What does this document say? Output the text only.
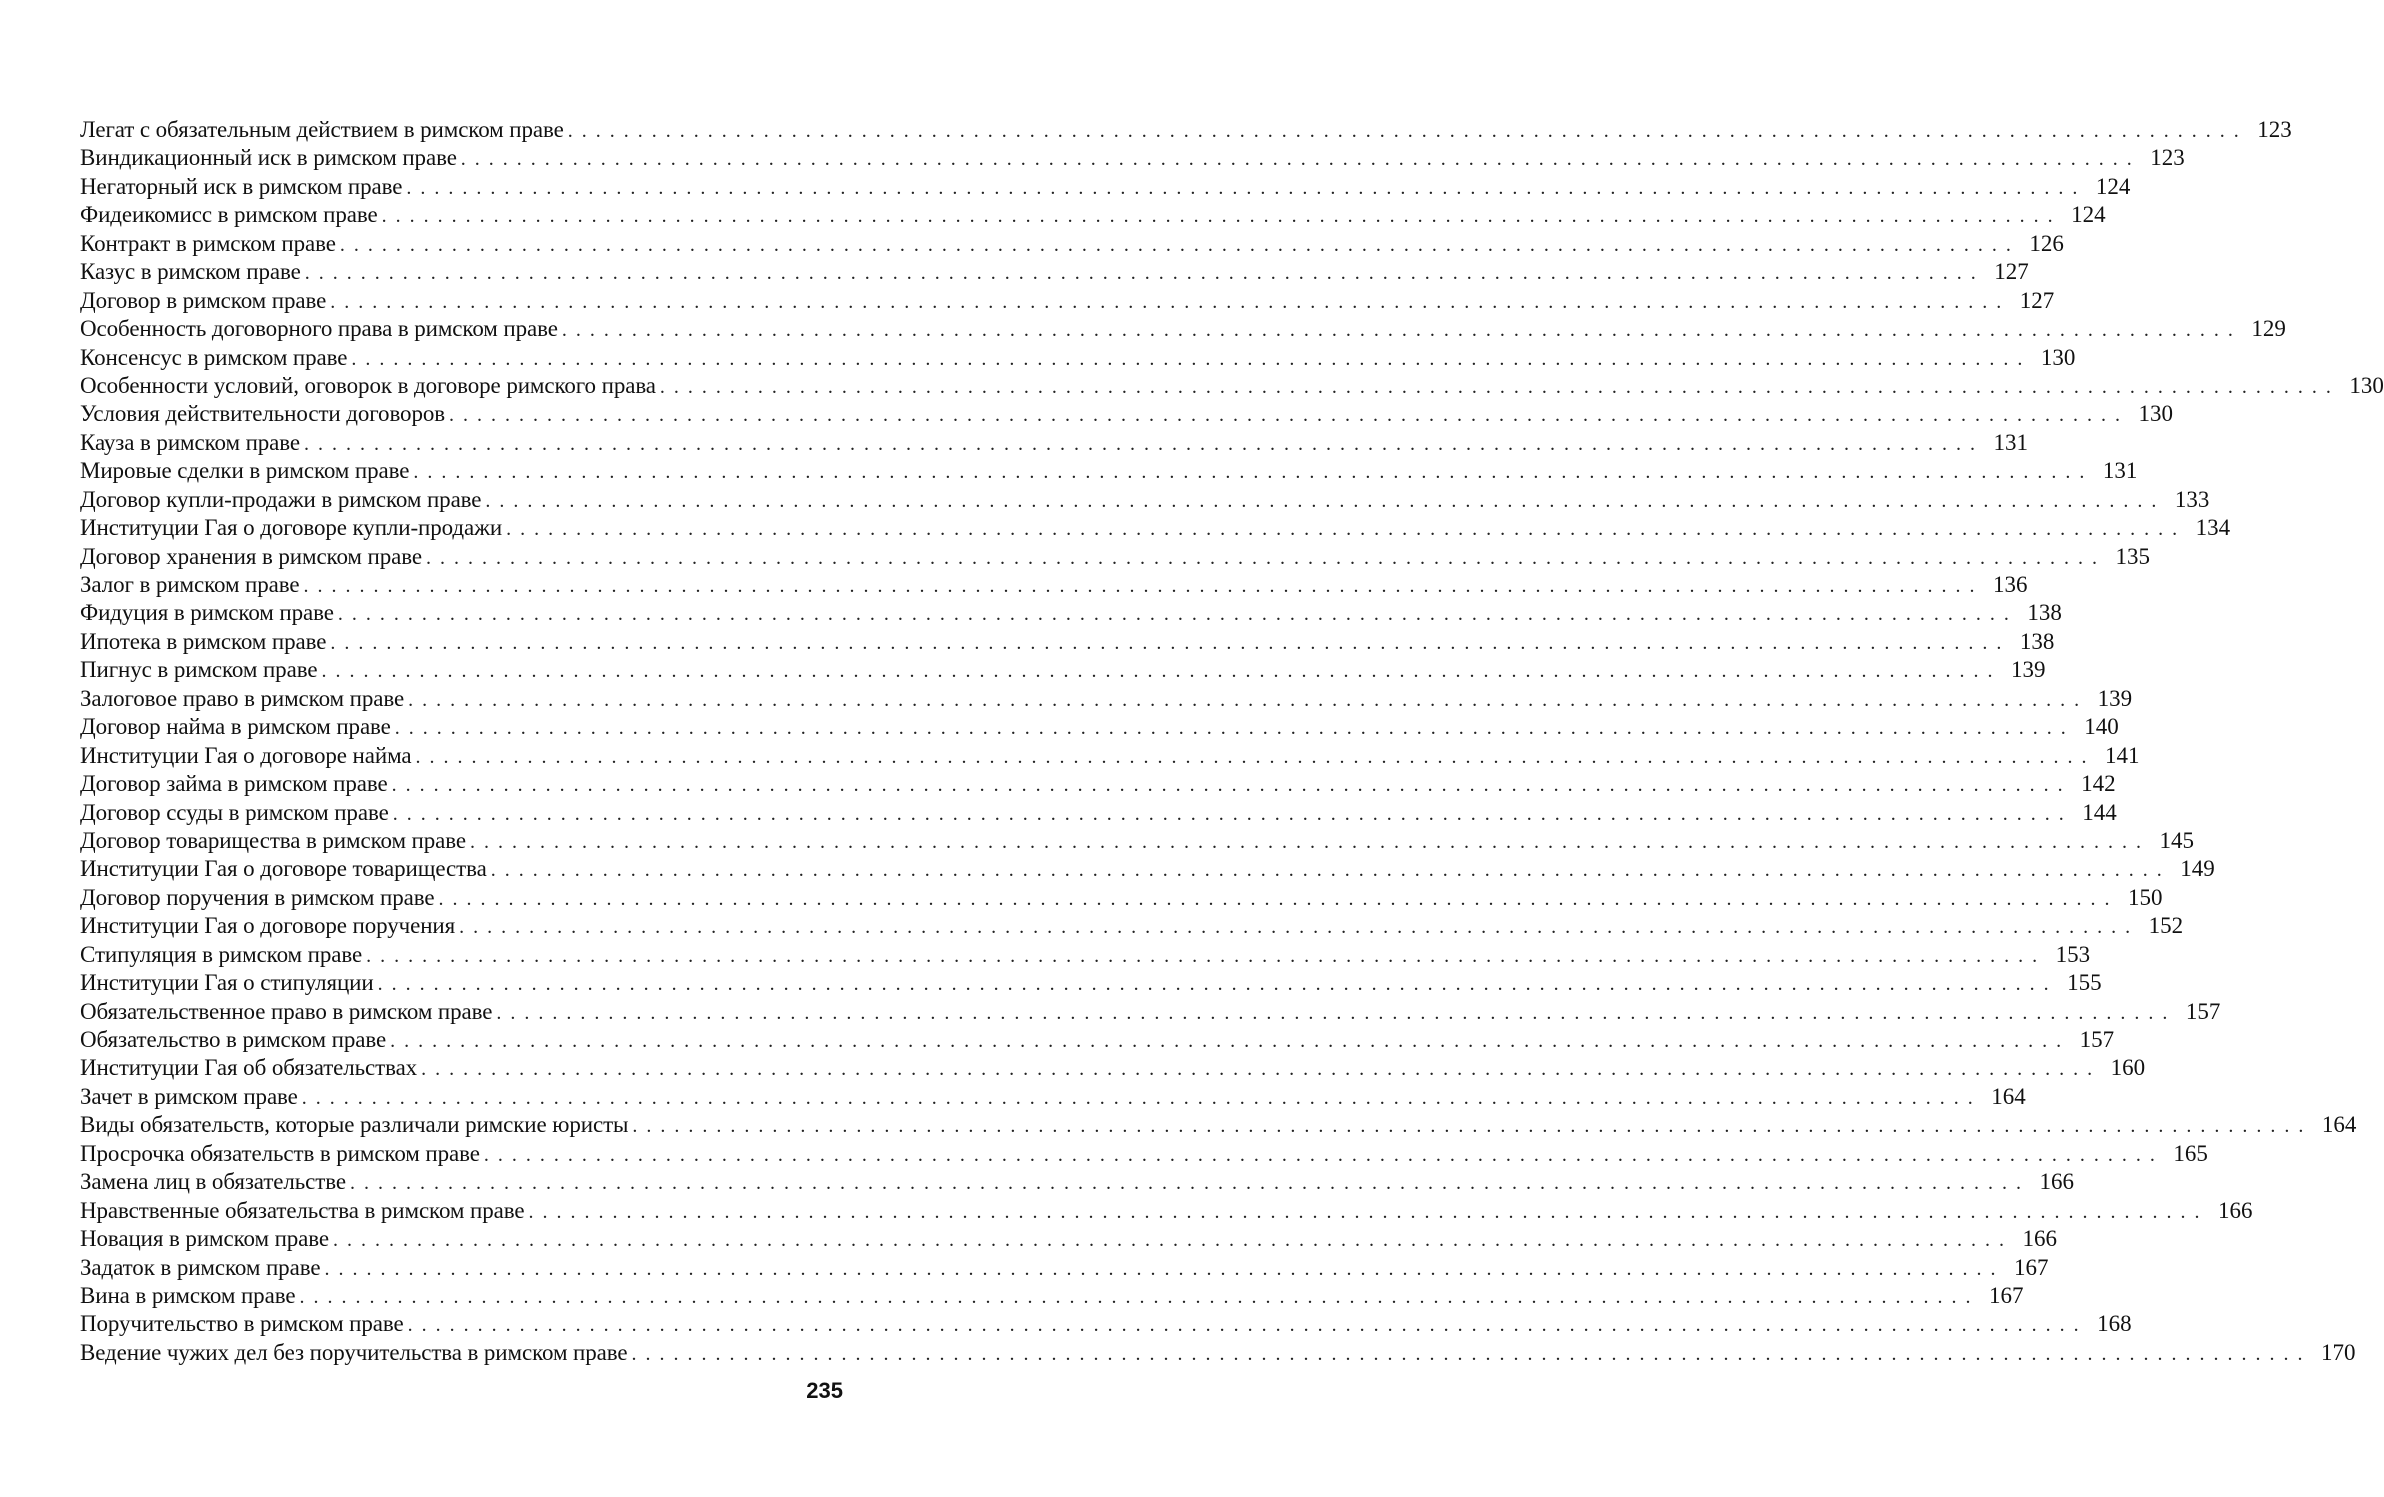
Легат с обязательным действием в римском праве ........................................................................................................................ 123
Виндикационный иск в римском праве ........................................................................................................................ 123
Негаторный иск в римском праве ........................................................................................................................ 124
Фидеикомисс в римском праве ........................................................................................................................ 124
Контракт в римском праве ........................................................................................................................ 126
Казус в римском праве ........................................................................................................................ 127
Договор в римском праве ........................................................................................................................ 127
Особенность договорного права в римском праве ........................................................................................................................ 129
Консенсус в римском праве ........................................................................................................................ 130
Особенности условий, оговорок в договоре римского права ........................................................................................................................ 130
Условия действительности договоров ........................................................................................................................ 130
Кауза в римском праве ........................................................................................................................ 131
Мировые сделки в римском праве ........................................................................................................................ 131
Договор купли-продажи в римском праве ........................................................................................................................ 133
Институции Гая о договоре купли-продажи ........................................................................................................................ 134
Договор хранения в римском праве ........................................................................................................................ 135
Залог в римском праве ........................................................................................................................ 136
Фидуция в римском праве ........................................................................................................................ 138
Ипотека в римском праве ........................................................................................................................ 138
Пигнус в римском праве ........................................................................................................................ 139
Залоговое право в римском праве ........................................................................................................................ 139
Договор найма в римском праве ........................................................................................................................ 140
Институции Гая о договоре найма ........................................................................................................................ 141
Договор займа в римском праве ........................................................................................................................ 142
Договор ссуды в римском праве ........................................................................................................................ 144
Договор товарищества в римском праве ........................................................................................................................ 145
Институции Гая о договоре товарищества ........................................................................................................................ 149
Договор поручения в римском праве ........................................................................................................................ 150
Институции Гая о договоре поручения ........................................................................................................................ 152
Стипуляция в римском праве ........................................................................................................................ 153
Институции Гая о стипуляции ........................................................................................................................ 155
Обязательственное право в римском праве ........................................................................................................................ 157
Обязательство в римском праве ........................................................................................................................ 157
Институции Гая об обязательствах ........................................................................................................................ 160
Зачет в римском праве ........................................................................................................................ 164
Виды обязательств, которые различали римские юристы ........................................................................................................................ 164
Просрочка обязательств в римском праве ........................................................................................................................ 165
Замена лиц в обязательстве ........................................................................................................................ 166
Нравственные обязательства в римском праве ........................................................................................................................ 166
Новация в римском праве ........................................................................................................................ 166
Задаток в римском праве ........................................................................................................................ 167
Вина в римском праве ........................................................................................................................ 167
Поручительство в римском праве ........................................................................................................................ 168
Ведение чужих дел без поручительства в римском праве ........................................................................................................................ 170
235
